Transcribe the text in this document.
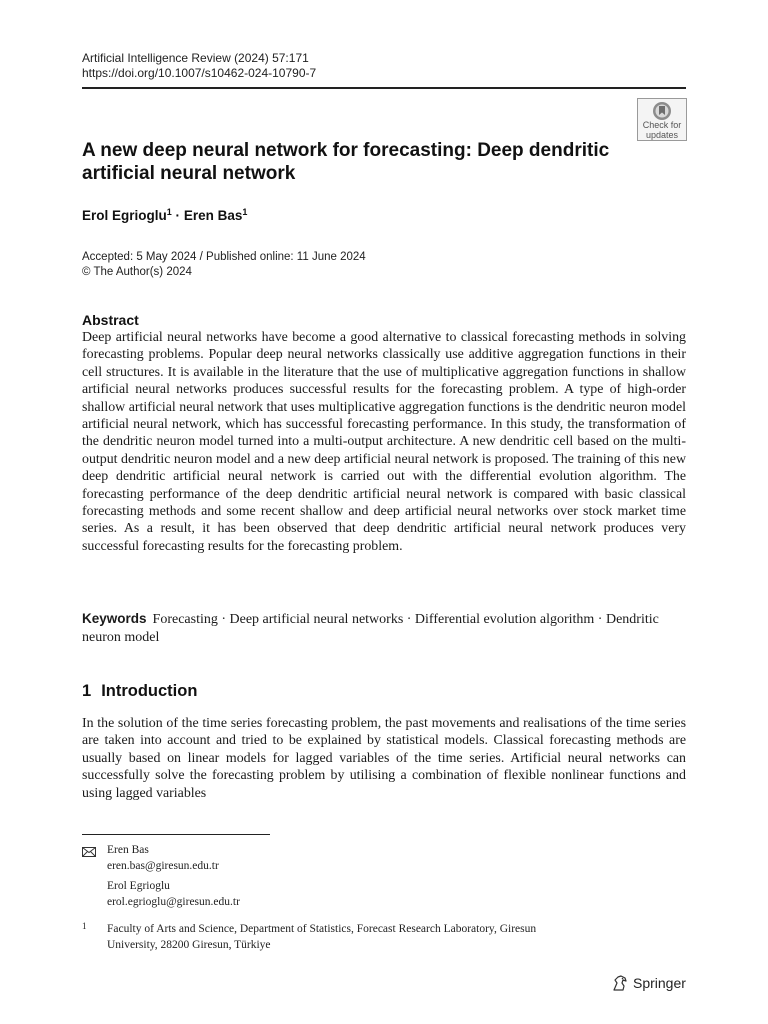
Artificial Intelligence Review (2024) 57:171
https://doi.org/10.1007/s10462-024-10790-7
Check for
updates
A new deep neural network for forecasting: Deep dendritic artificial neural network
Erol Egrioglu$^1$ · Eren Bas$^1$
Accepted: 5 May 2024 / Published online: 11 June 2024
© The Author(s) 2024
Abstract

Deep artificial neural networks have become a good alternative to classical forecasting methods in solving forecasting problems. Popular deep neural networks classically use additive aggregation functions in their cell structures. It is available in the literature that the use of multiplicative aggregation functions in shallow artificial neural networks produces successful results for the forecasting problem. A type of high-order shallow artificial neural network that uses multiplicative aggregation functions is the dendritic neuron model artificial neural network, which has successful forecasting performance. In this study, the transformation of the dendritic neuron model turned into a multi-output architecture. A new dendritic cell based on the multi-output dendritic neuron model and a new deep artificial neural network is proposed. The training of this new deep dendritic artificial neural network is carried out with the differential evolution algorithm. The forecasting performance of the deep dendritic artificial neural network is compared with basic classical forecasting methods and some recent shallow and deep artificial neural networks over stock market time series. As a result, it has been observed that deep dendritic artificial neural network produces very successful forecasting results for the forecasting problem.

Keywords Forecasting · Deep artificial neural networks · Differential evolution algorithm · Dendritic neuron model
1 Introduction

In the solution of the time series forecasting problem, the past movements and realisations of the time series are taken into account and tried to be explained by statistical models. Classical forecasting methods are usually based on linear models for lagged variables of the time series. Artificial neural networks can successfully solve the forecasting problem by utilising a combination of flexible nonlinear functions and using lagged variables

Eren Bas
eren.bas@giresun.edu.tr
Erol Egrioglu
erol.egrioglu@giresun.edu.tr
1 Faculty of Arts and Science, Department of Statistics, Forecast Research Laboratory, Giresun
University, 28200 Giresun, Türkiye
Springer
